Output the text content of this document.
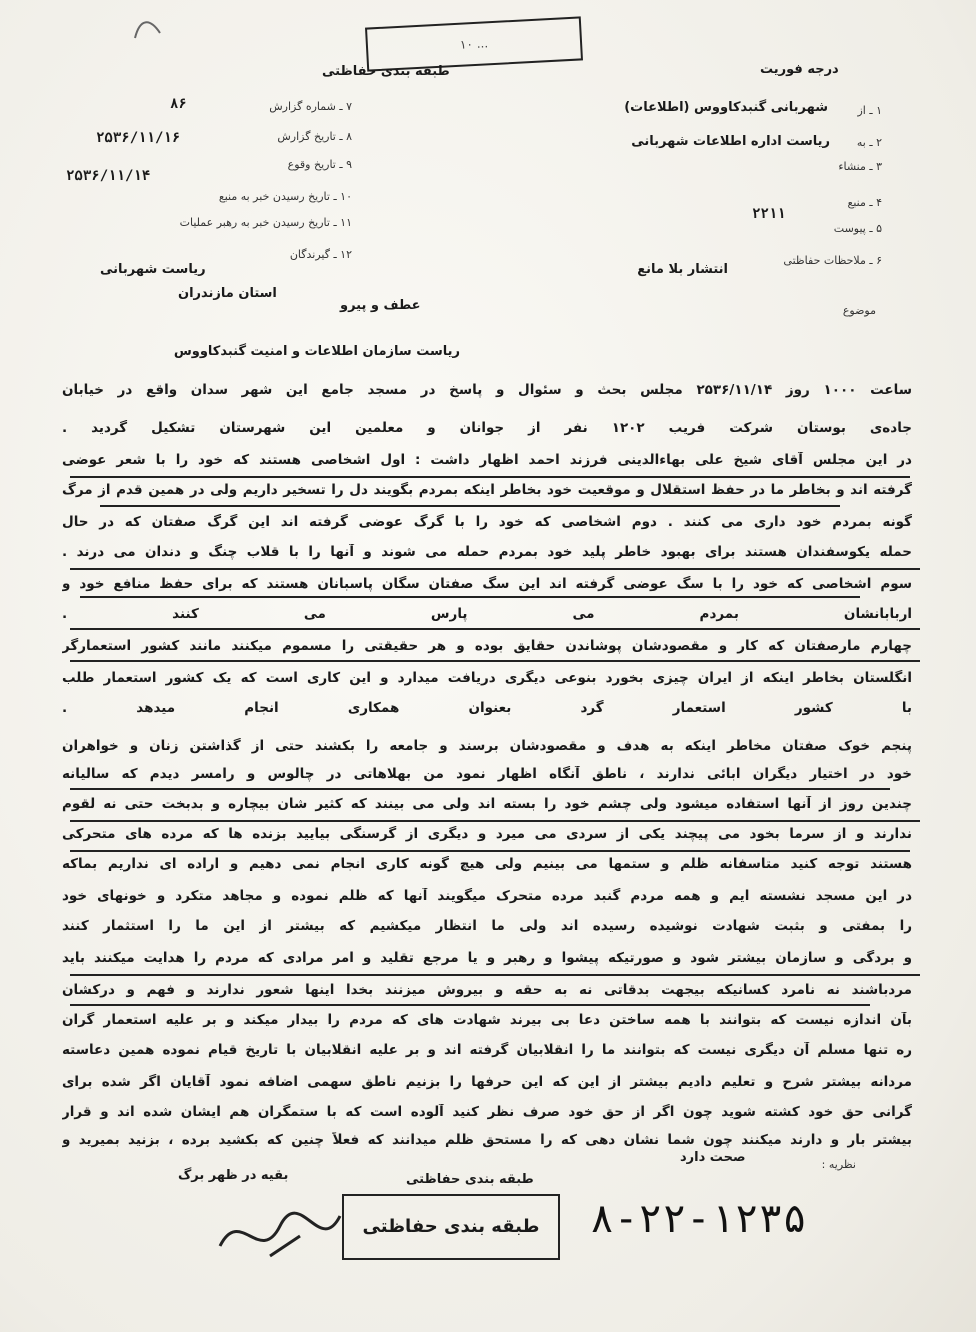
۱۰ ...
طبقه بندی حفاظتی	درجه فوریت
۷ ـ شماره گزارش
۸۶
۸ ـ تاریخ گزارش
۲۵۳۶/۱۱/۱۶
۹ ـ تاریخ وقوع
۲۵۳۶/۱۱/۱۴
۱۰ ـ تاریخ رسیدن خبر به منبع
۱۱ ـ تاریخ رسیدن خبر به رهبر عملیات
۱۲ ـ گیرندگان
ریاست شهربانی
استان مازندران
۱ ـ از
شهربانی گنبدکاووس (اطلاعات)
۲ ـ به
ریاست اداره اطلاعات شهربانی
۳ ـ منشاء
۴ ـ منبع
۵ ـ پیوست
۲۲۱۱
۶ ـ ملاحظات حفاظتی
انتشار بلا مانع
موضوع
عطف و پیرو
ریاست سازمان اطلاعات و امنیت گنبدکاووس
ساعت ۱۰۰۰ روز ۲۵۳۶/۱۱/۱۴ مجلس بحث و سئوال و پاسخ در مسجد جامع این شهر سدان واقع در خیابان
جاده‌ی بوستان شرکت فریب ۱۲۰۲ نفر از جوانان و معلمین این شهرستان تشکیل گردید .
در این مجلس آقای شیخ علی بهاءالدینی فرزند احمد اظهار داشت : اول اشخاصی هستند که خود را با شعر عوضی
گرفته اند و بخاطر ما در حفظ استقلال و موقعیت خود بخاطر اینکه بمردم بگویند دل را تسخیر داریم ولی در همین قدم از مرگ
گونه بمردم خود داری می کنند . دوم اشخاصی که خود را با گرگ عوضی گرفته اند این گرگ صفتان که در حال
حمله یکوسفندان هستند برای بهبود خاطر پلید خود بمردم حمله می شوند و آنها را با قلاب چنگ و دندان می درند .
سوم اشخاصی که خود را با سگ عوضی گرفته اند این سگ صفتان سگان پاسبانان هستند که برای حفظ منافع خود و
اربابانشان بمردم می پارس می کنند .
چهارم مارصفتان که کار و مقصودشان پوشاندن حقایق بوده و هر حقیقتی را مسموم میکنند مانند کشور استعمارگر
انگلستان بخاطر اینکه از ایران چیزی بخورد بنوعی دیگری دریافت میدارد و این کاری است که یک کشور استعمار طلب
با کشور استعمار گرد بعنوان همکاری انجام میدهد .
پنجم خوک صفتان مخاطر اینکه به هدف و مقصودشان برسند و جامعه را بکشند حتی از گذاشتن زنان و خواهران
خود در اختیار دیگران ابائی ندارند ، ناطق آنگاه اظهار نمود من بهلاهاتی در چالوس و رامسر دیدم که سالیانه
چندین روز از آنها استفاده میشود ولی چشم خود را بسته اند ولی می بینند که کثیر شان بیچاره و بدبخت حتی نه لقوم
ندارند و از سرما بخود می پیچند یکی از سردی می میرد و دیگری از گرسنگی بیایید بزنده ها که مرده های متحرکی
هستند توجه کنید متاسفانه ظلم و ستمها می بینیم ولی هیچ گونه کاری انجام نمی دهیم و اراده ای نداریم بماکه
در این مسجد نشسته ایم و همه مردم گنبد مرده متحرک میگویند آنها که ظلم نموده و مجاهد متکرد و خونهای خود
را بمفتی و بثبت شهادت نوشیده رسیده اند ولی ما انتظار میکشیم که بیشتر از این ما را استثمار کنند
و بردگی و سازمان بیشتر شود و صورتیکه پیشوا و رهبر و یا مرجع تقلید و امر مرادی که مردم را هدایت میکنند باید
مردباشند نه نامرد کسانیکه بیجهت بدقاتی نه به حقه و بیروش میزنند بخدا اینها شعور ندارند و فهم و درکشان
بآن اندازه نیست که بتوانند با همه ساختن دعا بی بیرند شهادت های که مردم را بیدار میکند و بر علیه استعمار گران
ره تنها مسلم آن دیگری نیست که بتوانند ما را انقلابیان گرفته اند و بر علیه انقلابیان با تاریخ قیام نموده همین دعاسته
مردانه بیشتر شرح و تعلیم دادیم بیشتر از این که این حرفها را بزنیم ناطق سهمی اضافه نمود آقایان اگر شده برای
گرانی حق خود کشته شوید چون اگر از حق خود صرف نظر کنید آلوده است که با ستمگران هم ایشان شده اند و قرار
بیشتر بار و دارند میکنند چون شما نشان دهی که را مستحق ظلم میدانند که فعلاً چنین که بکشید برده ، بزنید بمیرید و
نظریه :
صحت دارد
طبقه بندی حفاظتی
بقیه در ظهر برگ
طبقه بندی حفاظتی	۸-۲۲-۱۲۳۵
